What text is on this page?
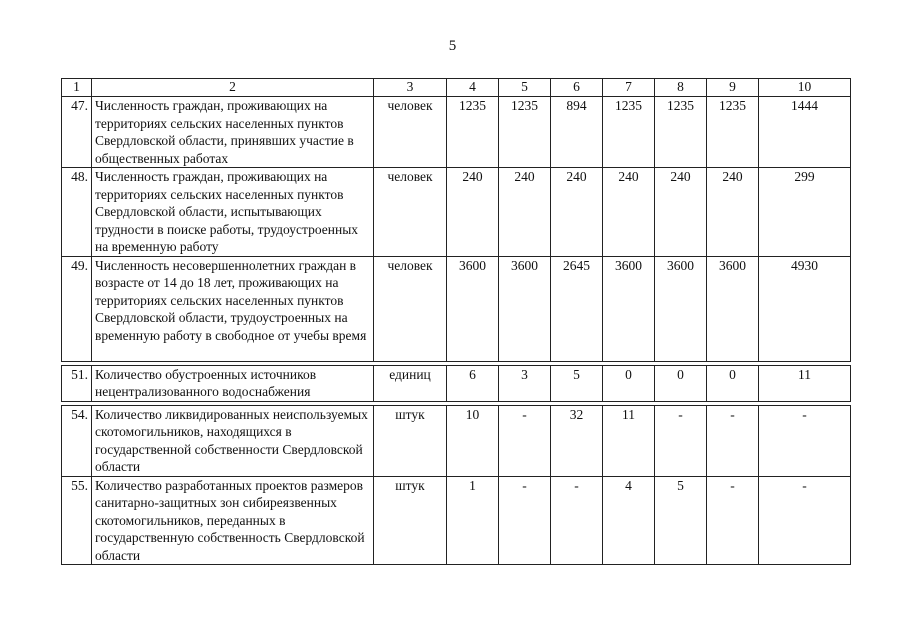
5
1	2	3	4	5	6	7	8	9	10
47.	Численность граждан, проживающих на территориях сельских населенных пунктов Свердловской области, принявших участие в общественных работах	человек	1235	1235	894	1235	1235	1235	1444
48.	Численность граждан, проживающих на территориях сельских населенных пунктов Свердловской области, испытывающих трудности в поиске работы, трудоустроенных на временную работу	человек	240	240	240	240	240	240	299
49.	Численность несовершеннолетних граждан в возрасте от 14 до 18 лет, проживающих на территориях сельских населенных пунктов Свердловской области, трудоустроенных на временную работу в свободное от учебы время	человек	3600	3600	2645	3600	3600	3600	4930

51.	Количество обустроенных источников нецентрализованного водоснабжения	единиц	6	3	5	0	0	0	11

54.	Количество ликвидированных неиспользуемых скотомогильников, находящихся в государственной собственности Свердловской области	штук	10	-	32	11	-	-	-
55.	Количество разработанных проектов размеров санитарно-защитных зон сибиреязвенных скотомогильников, переданных в государственную собственность Свердловской области	штук	1	-	-	4	5	-	-
